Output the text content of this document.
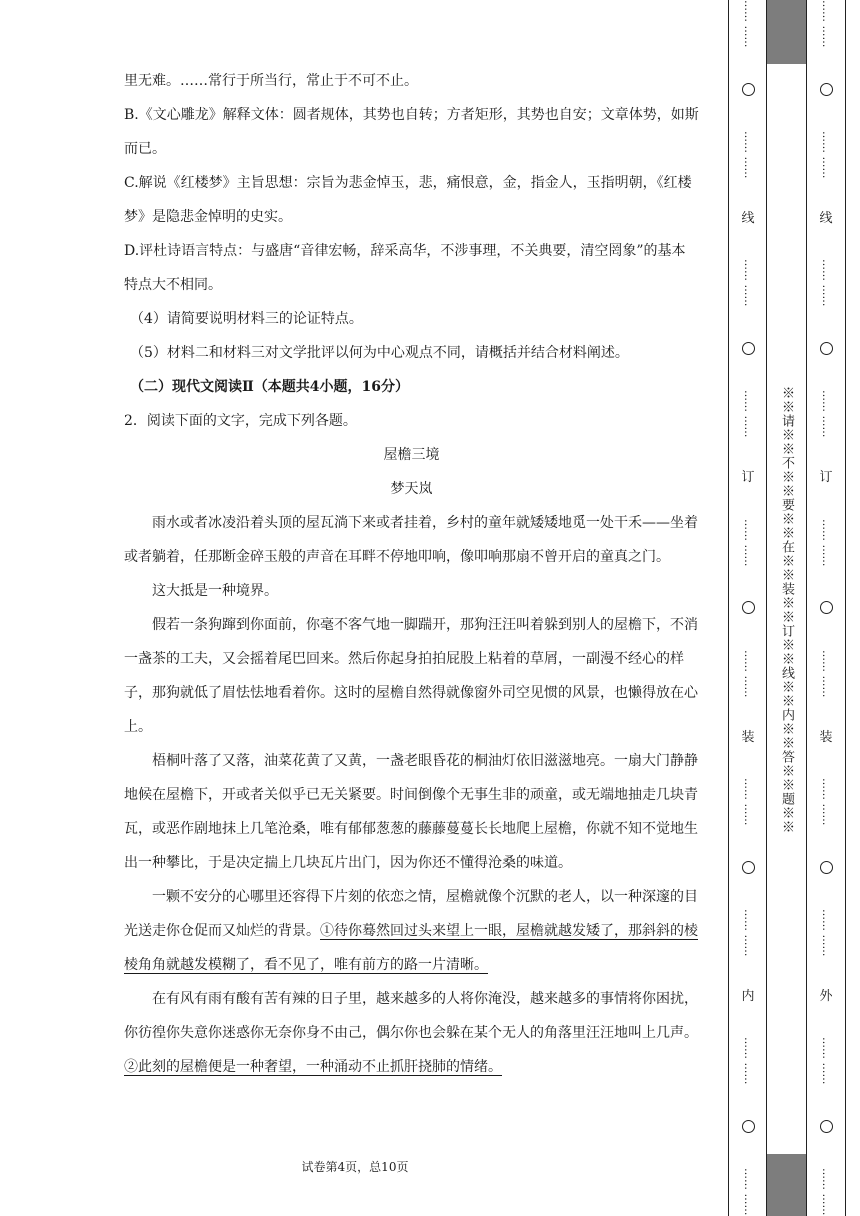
里无难。……常行于所当行，常止于不可不止。

B.《文心雕龙》解释文体：圆者规体，其势也自转；方者矩形，其势也自安；文章体势，如斯而已。

C.解说《红楼梦》主旨思想：宗旨为悲金悼玉，悲，痛恨意，金，指金人，玉指明朝，《红楼梦》是隐悲金悼明的史实。

D.评杜诗语言特点：与盛唐“音律宏畅，辞采高华，不涉事理，不关典要，清空罔象”的基本特点大不相同。

（4）请简要说明材料三的论证特点。

（5）材料二和材料三对文学批评以何为中心观点不同，请概括并结合材料阐述。

（二）现代文阅读Ⅱ（本题共4小题，16分）

2．阅读下面的文字，完成下列各题。

屋檐三境

梦天岚

雨水或者冰凌沿着头顶的屋瓦淌下来或者挂着，乡村的童年就矮矮地觅一处干禾——坐着或者躺着，任那断金碎玉般的声音在耳畔不停地叩响，像叩响那扇不曾开启的童真之门。

这大抵是一种境界。

假若一条狗蹿到你面前，你毫不客气地一脚踹开，那狗汪汪叫着躲到别人的屋檐下，不消一盏茶的工夫，又会摇着尾巴回来。然后你起身拍拍屁股上粘着的草屑，一副漫不经心的样子，那狗就低了眉怯怯地看着你。这时的屋檐自然得就像窗外司空见惯的风景，也懒得放在心上。

梧桐叶落了又落，油菜花黄了又黄，一盏老眼昏花的桐油灯依旧滋滋地亮。一扇大门静静地候在屋檐下，开或者关似乎已无关紧要。时间倒像个无事生非的顽童，或无端地抽走几块青瓦，或恶作剧地抹上几笔沧桑，唯有郁郁葱葱的藤藤蔓蔓长长地爬上屋檐，你就不知不觉地生出一种攀比，于是决定揣上几块瓦片出门，因为你还不懂得沧桑的味道。

一颗不安分的心哪里还容得下片刻的依恋之情，屋檐就像个沉默的老人，以一种深邃的目光送走你仓促而又灿烂的背景。①待你蓦然回过头来望上一眼，屋檐就越发矮了，那斜斜的棱棱角角就越发模糊了，看不见了，唯有前方的路一片清晰。

在有风有雨有酸有苦有辣的日子里，越来越多的人将你淹没，越来越多的事情将你困扰，你彷徨你失意你迷惑你无奈你身不由己，偶尔你也会躲在某个无人的角落里汪汪地叫上几声。②此刻的屋檐便是一种奢望，一种涌动不止抓肝挠肺的情绪。

试卷第4页，总10页
…… ……
…… ……
线
…… ……
…… ……
订
…… ……
…… ……
装
…… ……
…… ……
内
…… ……
…… ……
※※请※※不※※要※※在※※装※※订※※线※※内※※答※※题※※
…… ……
…… ……
线
…… ……
…… ……
订
…… ……
…… ……
装
…… ……
…… ……
外
…… ……
…… ……
